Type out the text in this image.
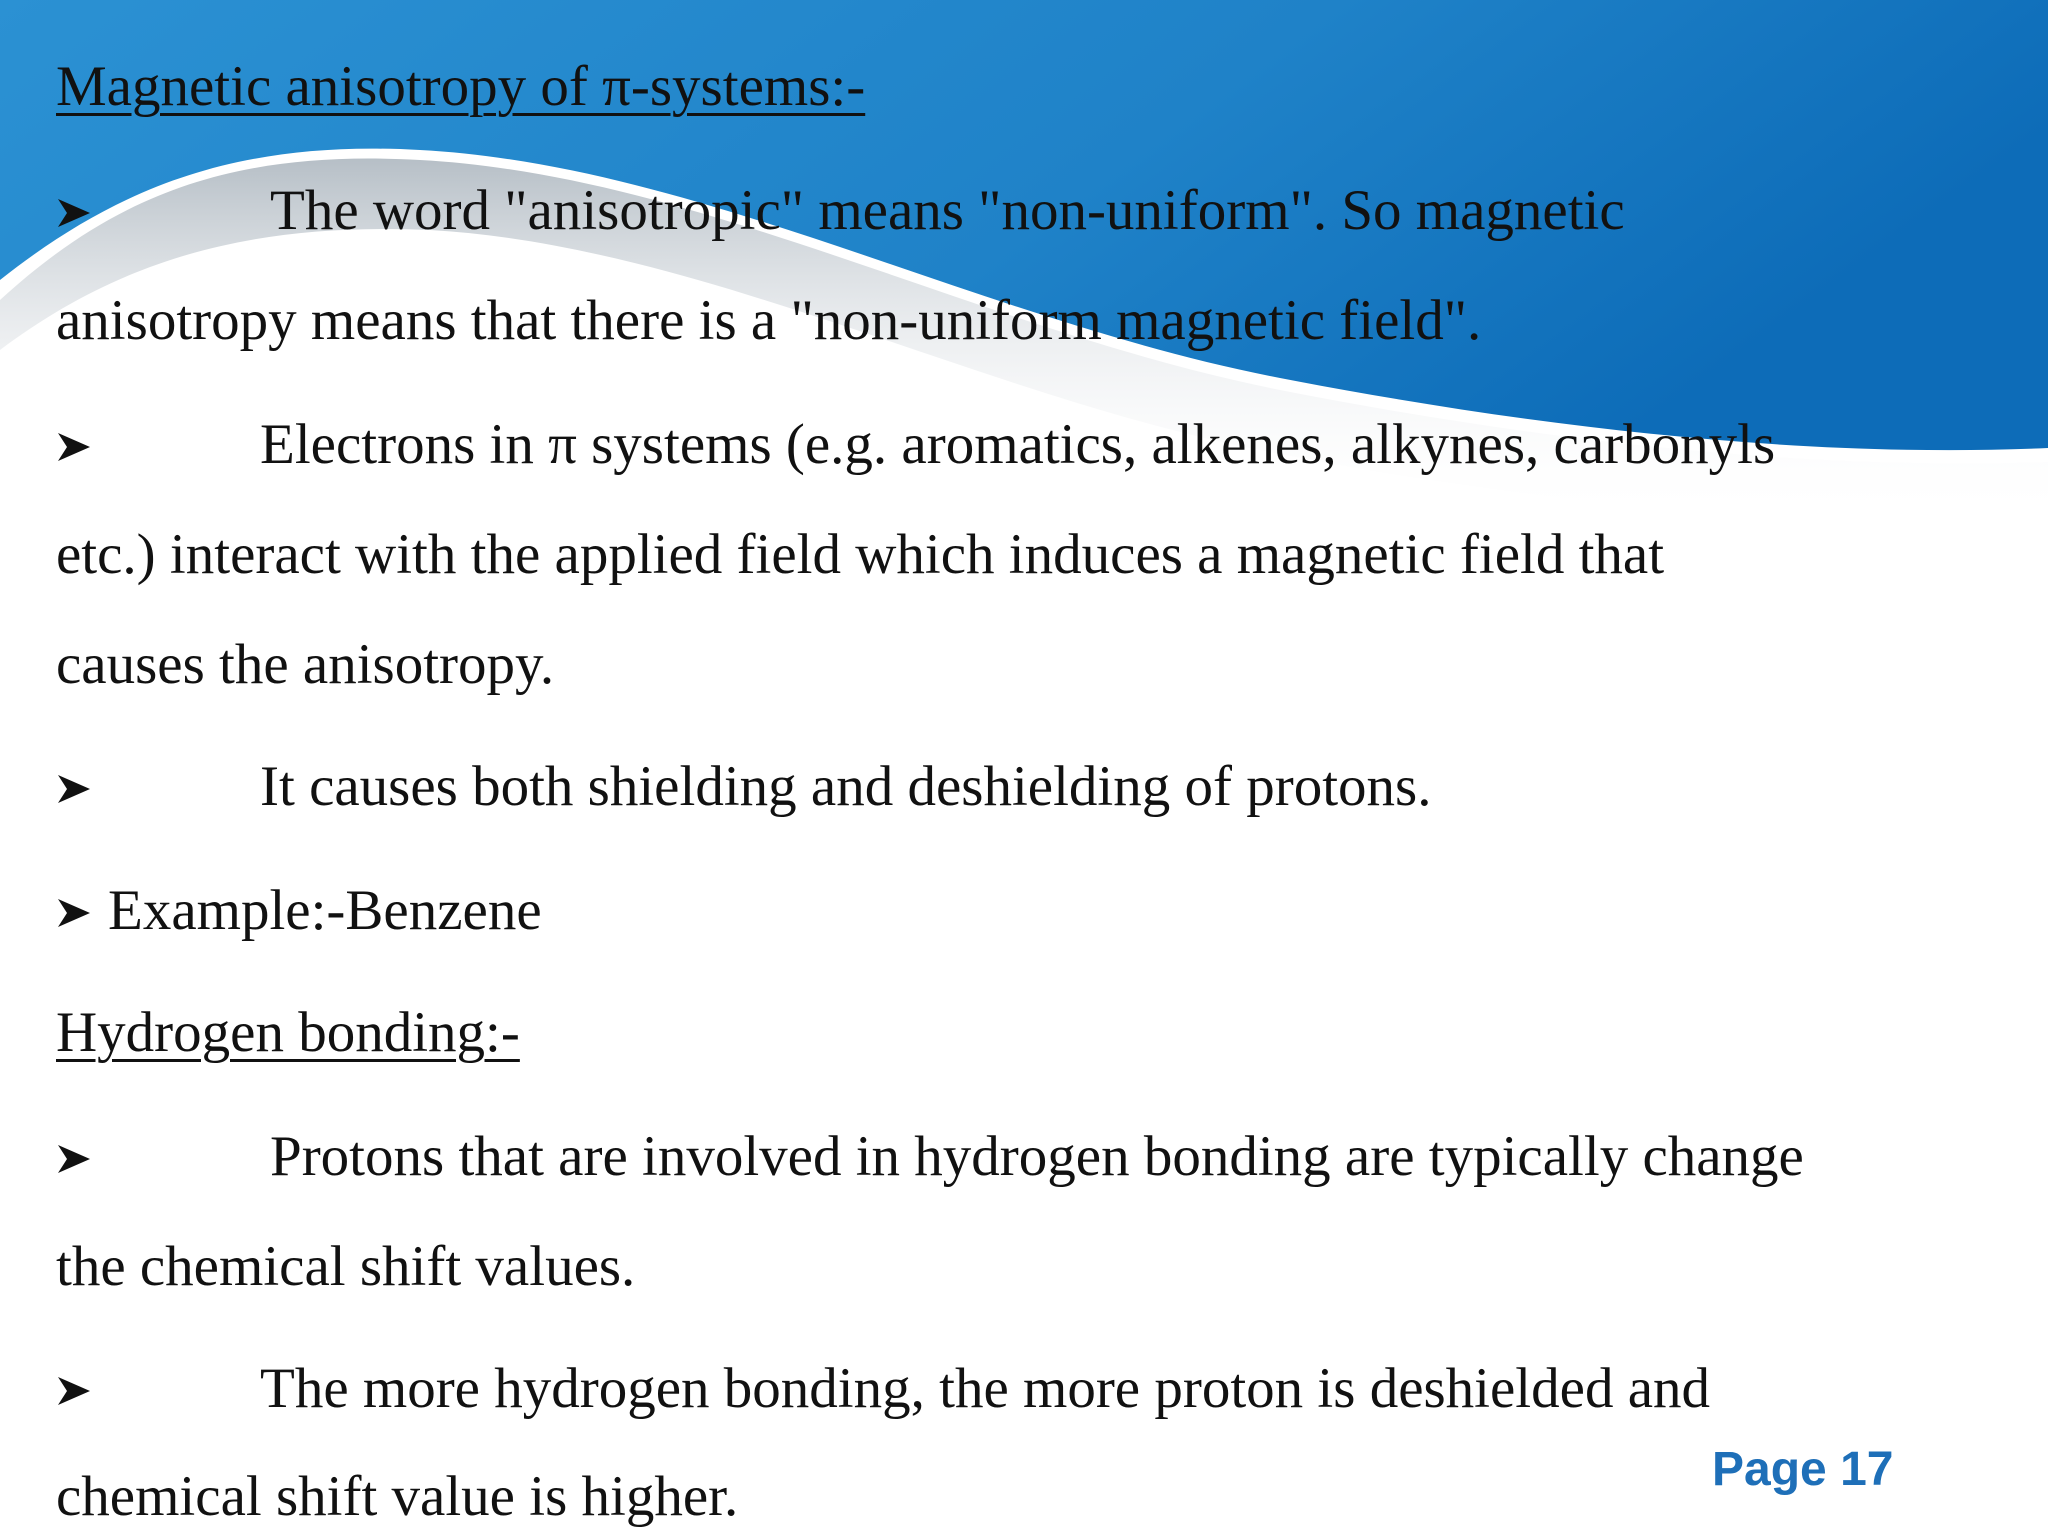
Magnetic anisotropy of π-systems:-

The word "anisotropic" means "non-uniform". So magnetic

anisotropy means that there is a "non-uniform magnetic field".

Electrons in π systems (e.g. aromatics, alkenes, alkynes, carbonyls

etc.) interact with the applied field which induces a magnetic field that

causes the anisotropy.

It causes both shielding and deshielding of protons.

Example:-Benzene

Hydrogen bonding:-

Protons that are involved in hydrogen bonding are typically change

the chemical shift values.

The more hydrogen bonding, the more proton is deshielded and

chemical shift value is higher.	Page 17
